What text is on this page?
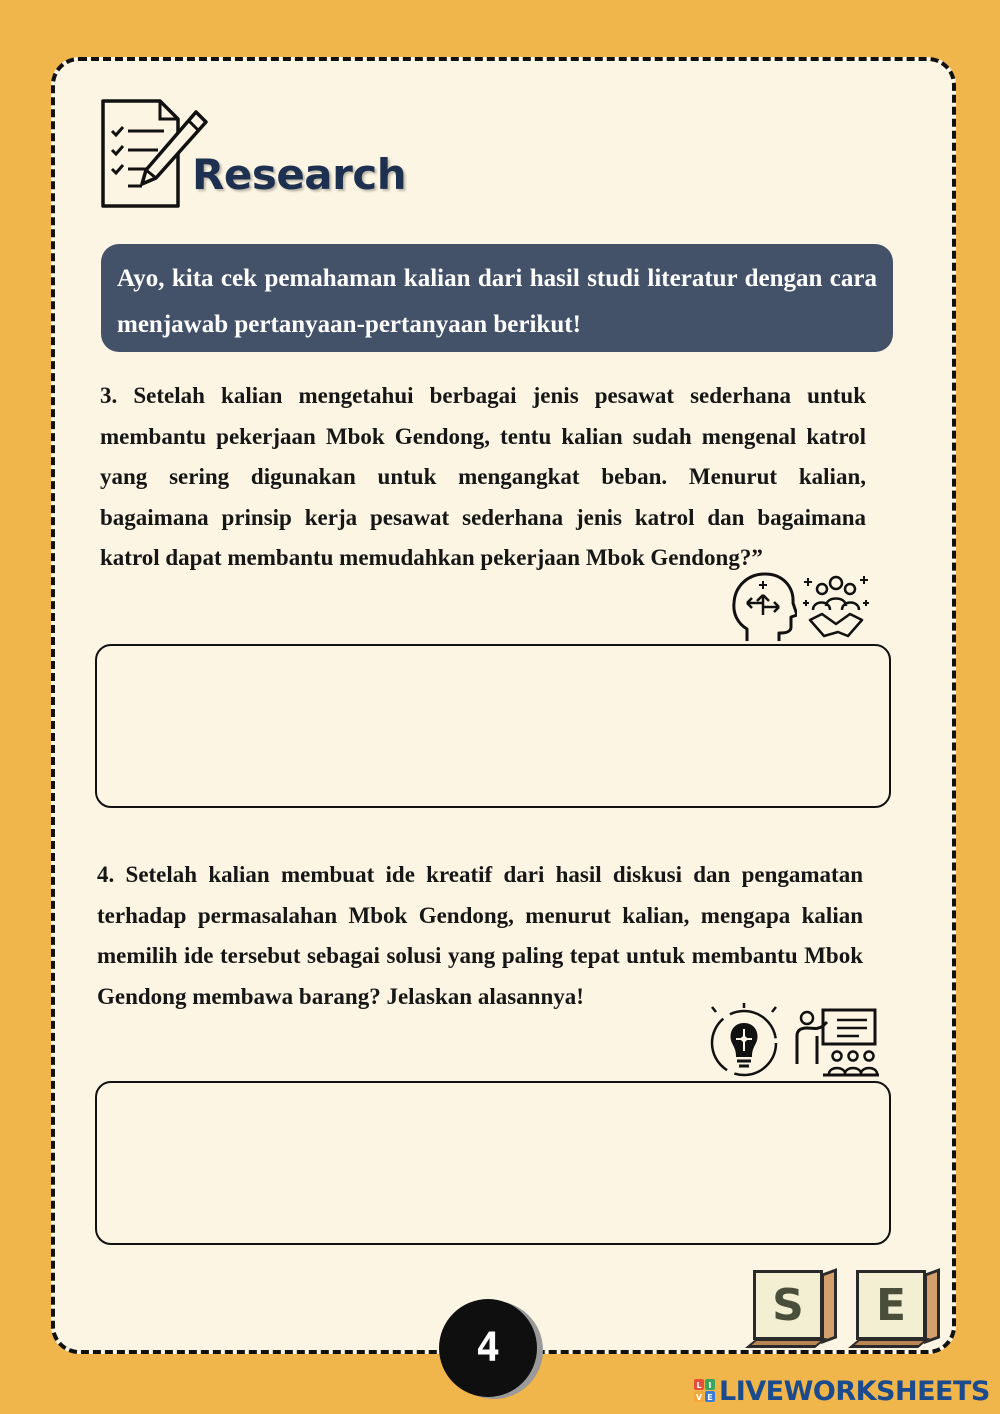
Research
Ayo, kita cek pemahaman kalian dari hasil studi literatur dengan cara menjawab pertanyaan-pertanyaan berikut!
3. Setelah kalian mengetahui berbagai jenis pesawat sederhana untuk membantu pekerjaan Mbok Gendong, tentu kalian sudah mengenal katrol yang sering digunakan untuk mengangkat beban. Menurut kalian, bagaimana prinsip kerja pesawat sederhana jenis katrol dan bagaimana katrol dapat membantu memudahkan pekerjaan Mbok Gendong?”
4. Setelah kalian membuat ide kreatif dari hasil diskusi dan pengamatan terhadap permasalahan Mbok Gendong, menurut kalian, mengapa kalian memilih ide tersebut sebagai solusi yang paling tepat untuk membantu Mbok Gendong membawa barang? Jelaskan alasannya!
4
S	E
L I
V E LIVEWORKSHEETS
